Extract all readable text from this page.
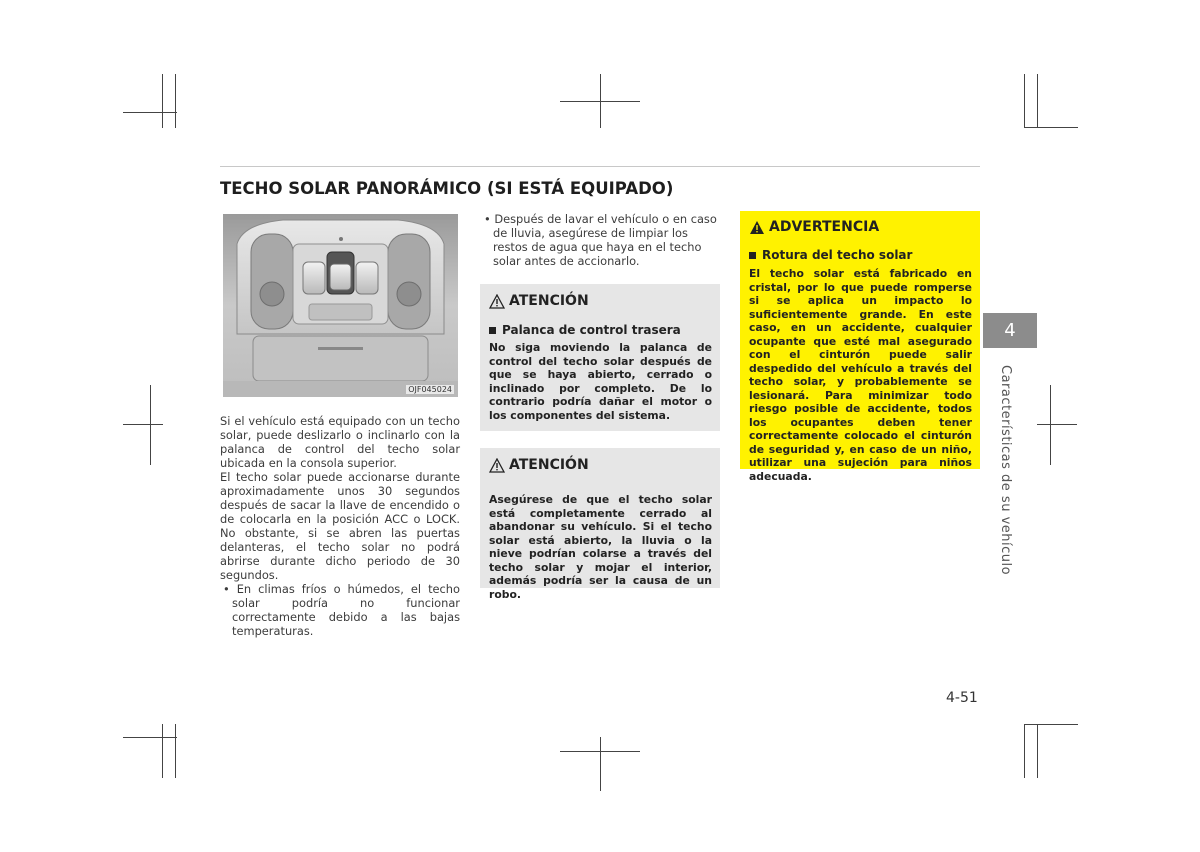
TECHO SOLAR PANORÁMICO (SI ESTÁ EQUIPADO)
OJF045024

Si el vehículo está equipado con un techo solar, puede deslizarlo o inclinarlo con la palanca de control del techo solar ubicada en la consola superior.

El techo solar puede accionarse durante aproximadamente unos 30 segundos después de sacar la llave de encendido o de colocarla en la posición ACC o LOCK. No obstante, si se abren las puertas delanteras, el techo solar no podrá abrirse durante dicho periodo de 30 segundos.

• En climas fríos o húmedos, el techo solar podría no funcionar correctamente debido a las bajas temperaturas.

• Después de lavar el vehículo o en caso de lluvia, asegúrese de limpiar los restos de agua que haya en el techo solar antes de accionarlo.
ATENCIÓN
Palanca de control trasera
No siga moviendo la palanca de control del techo solar después de que se haya abierto, cerrado o inclinado por completo. De lo contrario podría dañar el motor o los componentes del sistema.
ATENCIÓN
Asegúrese de que el techo solar está completamente cerrado al abandonar su vehículo. Si el techo solar está abierto, la lluvia o la nieve podrían colarse a través del techo solar y mojar el interior, además podría ser la causa de un robo.
ADVERTENCIA
Rotura del techo solar
El techo solar está fabricado en cristal, por lo que puede romperse si se aplica un impacto lo suficientemente grande. En este caso, en un accidente, cualquier ocupante que esté mal asegurado con el cinturón puede salir despedido del vehículo a través del techo solar, y probablemente se lesionará. Para minimizar todo riesgo posible de accidente, todos los ocupantes deben tener correctamente colocado el cinturón de seguridad y, en caso de un niño, utilizar una sujeción para niños adecuada.
4
Características de su vehículo
4-51
